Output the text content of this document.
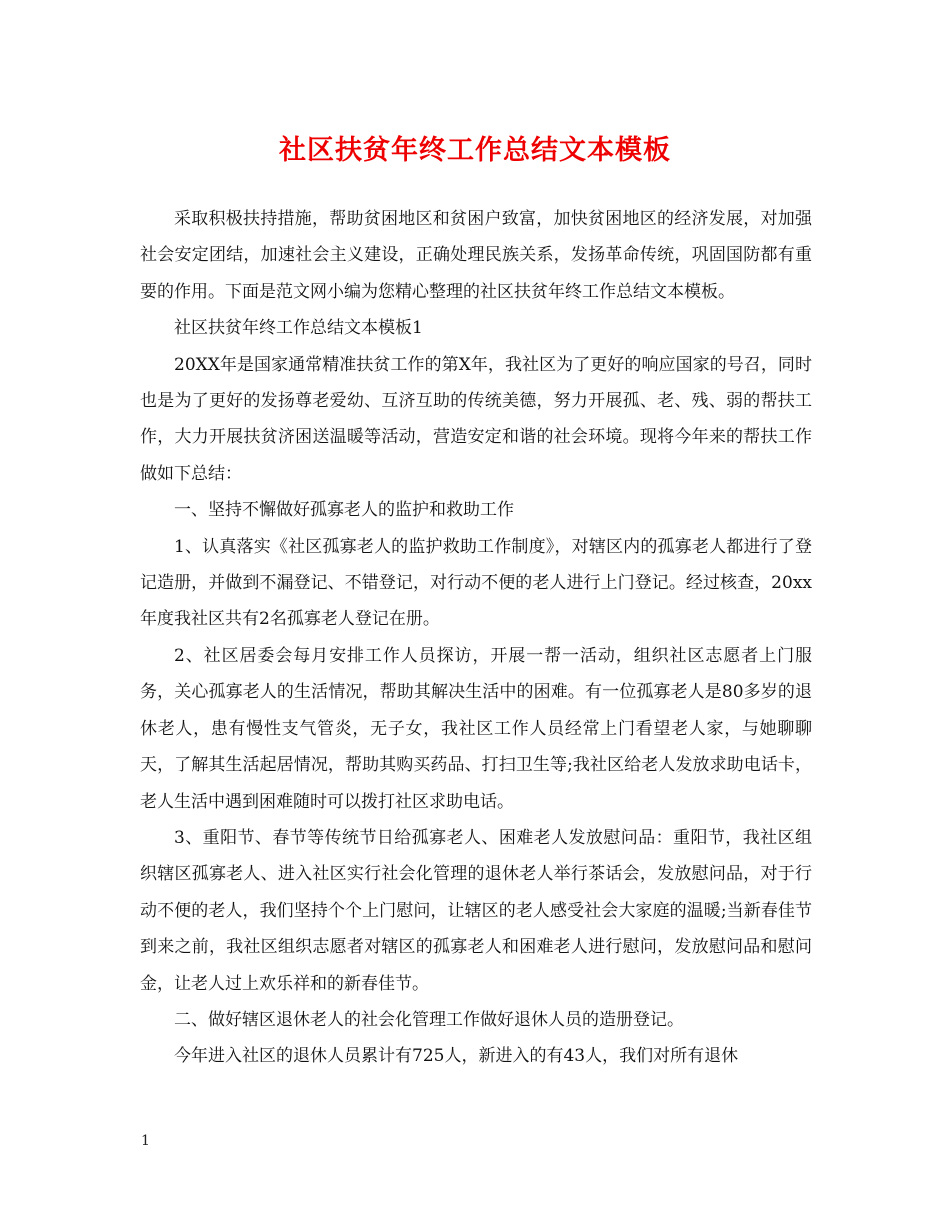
社区扶贫年终工作总结文本模板

采取积极扶持措施，帮助贫困地区和贫困户致富，加快贫困地区的经济发展，对加强社会安定团结，加速社会主义建设，正确处理民族关系，发扬革命传统，巩固国防都有重要的作用。下面是范文网小编为您精心整理的社区扶贫年终工作总结文本模板。

社区扶贫年终工作总结文本模板1

20XX年是国家通常精准扶贫工作的第X年，我社区为了更好的响应国家的号召，同时也是为了更好的发扬尊老爱幼、互济互助的传统美德，努力开展孤、老、残、弱的帮扶工作，大力开展扶贫济困送温暖等活动，营造安定和谐的社会环境。现将今年来的帮扶工作做如下总结：

一、坚持不懈做好孤寡老人的监护和救助工作

1、认真落实《社区孤寡老人的监护救助工作制度》，对辖区内的孤寡老人都进行了登记造册，并做到不漏登记、不错登记，对行动不便的老人进行上门登记。经过核查，20xx年度我社区共有2名孤寡老人登记在册。

2、社区居委会每月安排工作人员探访，开展一帮一活动，组织社区志愿者上门服务，关心孤寡老人的生活情况，帮助其解决生活中的困难。有一位孤寡老人是80多岁的退休老人，患有慢性支气管炎，无子女，我社区工作人员经常上门看望老人家，与她聊聊天，了解其生活起居情况，帮助其购买药品、打扫卫生等;我社区给老人发放求助电话卡，老人生活中遇到困难随时可以拨打社区求助电话。

3、重阳节、春节等传统节日给孤寡老人、困难老人发放慰问品：重阳节，我社区组织辖区孤寡老人、进入社区实行社会化管理的退休老人举行茶话会，发放慰问品，对于行动不便的老人，我们坚持个个上门慰问，让辖区的老人感受社会大家庭的温暖;当新春佳节到来之前，我社区组织志愿者对辖区的孤寡老人和困难老人进行慰问，发放慰问品和慰问金，让老人过上欢乐祥和的新春佳节。

二、做好辖区退休老人的社会化管理工作做好退休人员的造册登记。

今年进入社区的退休人员累计有725人，新进入的有43人，我们对所有退休

1
